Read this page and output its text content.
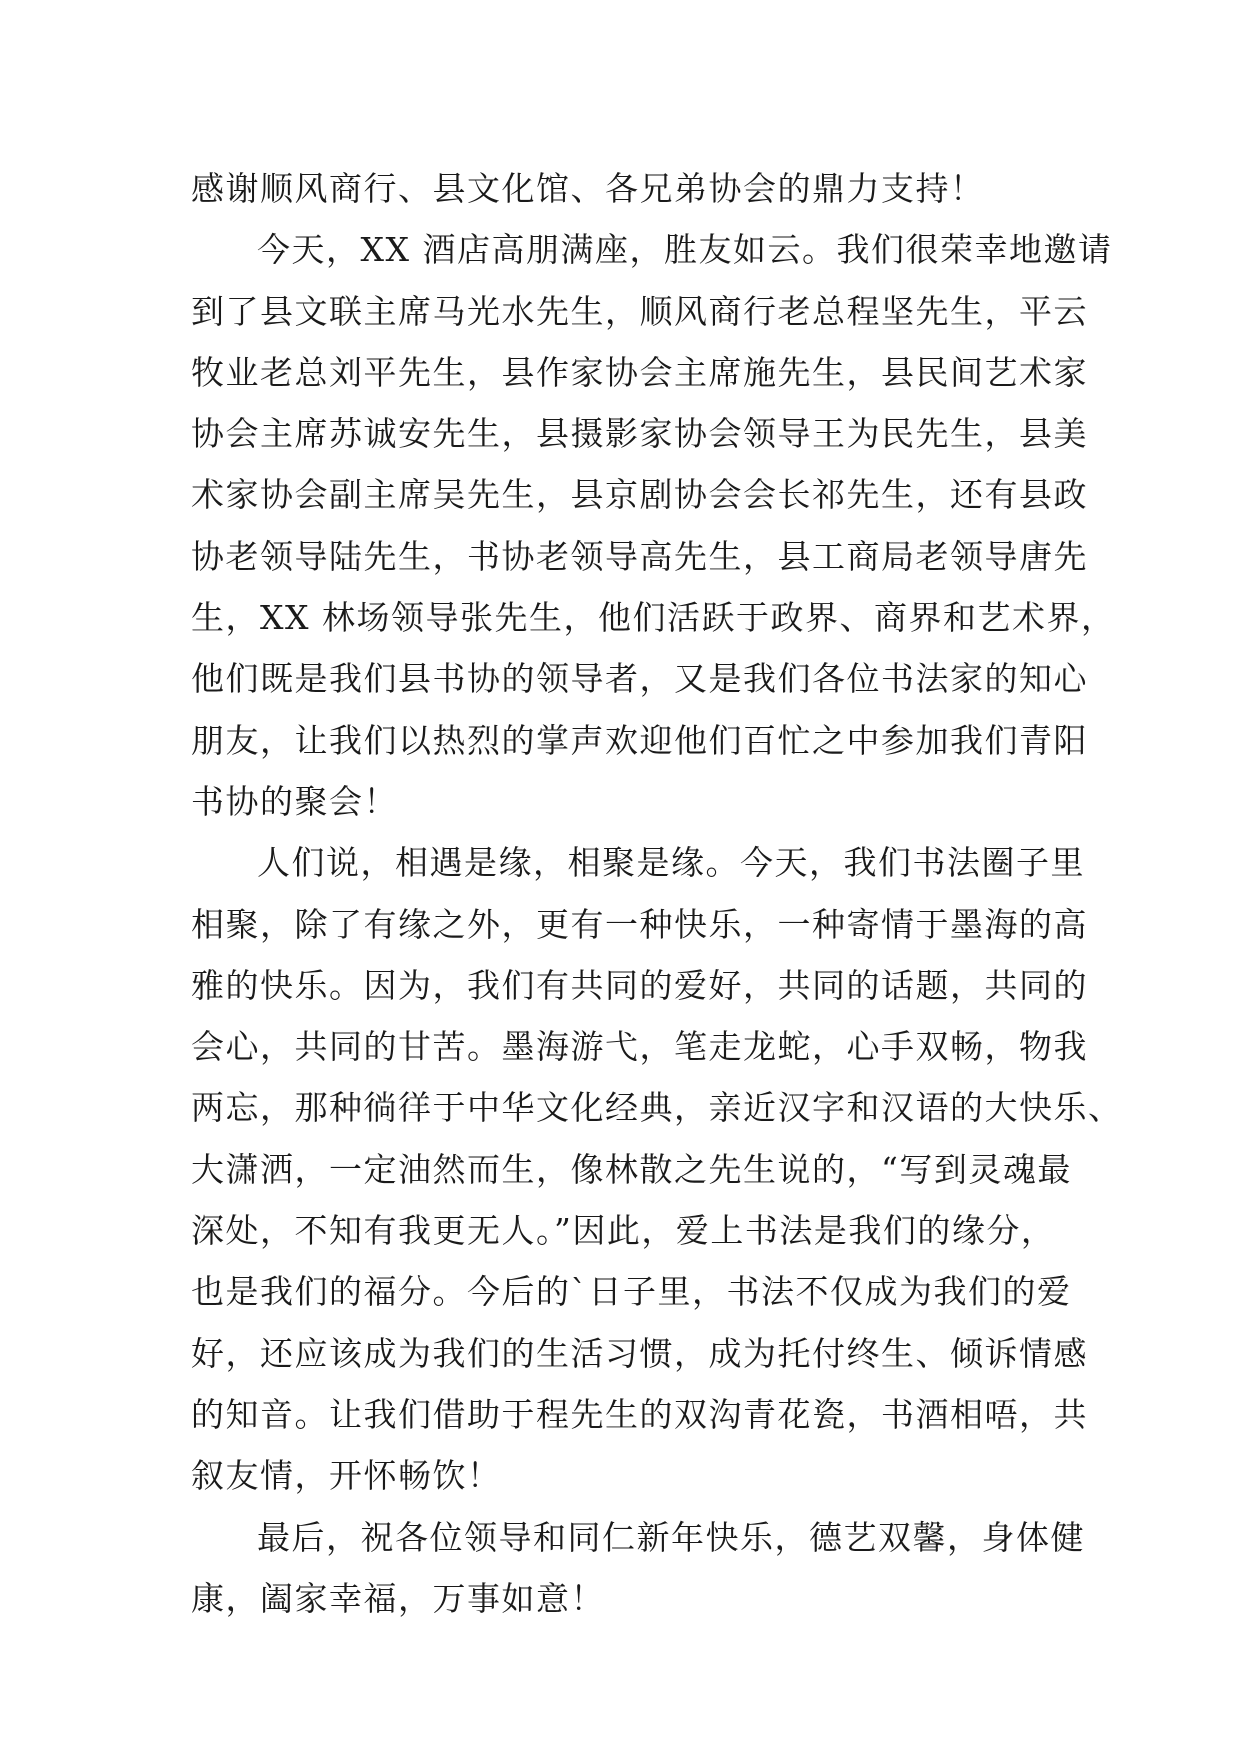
感谢顺风商行、县文化馆、各兄弟协会的鼎力支持！
今天，XX 酒店高朋满座，胜友如云。我们很荣幸地邀请
到了县文联主席马光水先生，顺风商行老总程坚先生，平云
牧业老总刘平先生，县作家协会主席施先生，县民间艺术家
协会主席苏诚安先生，县摄影家协会领导王为民先生，县美
术家协会副主席吴先生，县京剧协会会长祁先生，还有县政
协老领导陆先生，书协老领导高先生，县工商局老领导唐先
生，XX 林场领导张先生，他们活跃于政界、商界和艺术界，
他们既是我们县书协的领导者，又是我们各位书法家的知心
朋友，让我们以热烈的掌声欢迎他们百忙之中参加我们青阳
书协的聚会！
人们说，相遇是缘，相聚是缘。今天，我们书法圈子里
相聚，除了有缘之外，更有一种快乐，一种寄情于墨海的高
雅的快乐。因为，我们有共同的爱好，共同的话题，共同的
会心，共同的甘苦。墨海游弋，笔走龙蛇，心手双畅，物我
两忘，那种徜徉于中华文化经典，亲近汉字和汉语的大快乐、
大潇洒，一定油然而生，像林散之先生说的，“写到灵魂最
深处，不知有我更无人。”因此，爱上书法是我们的缘分，
也是我们的福分。今后的`日子里，书法不仅成为我们的爱
好，还应该成为我们的生活习惯，成为托付终生、倾诉情感
的知音。让我们借助于程先生的双沟青花瓷，书酒相唔，共
叙友情，开怀畅饮！
最后，祝各位领导和同仁新年快乐，德艺双馨，身体健
康，阖家幸福，万事如意！
